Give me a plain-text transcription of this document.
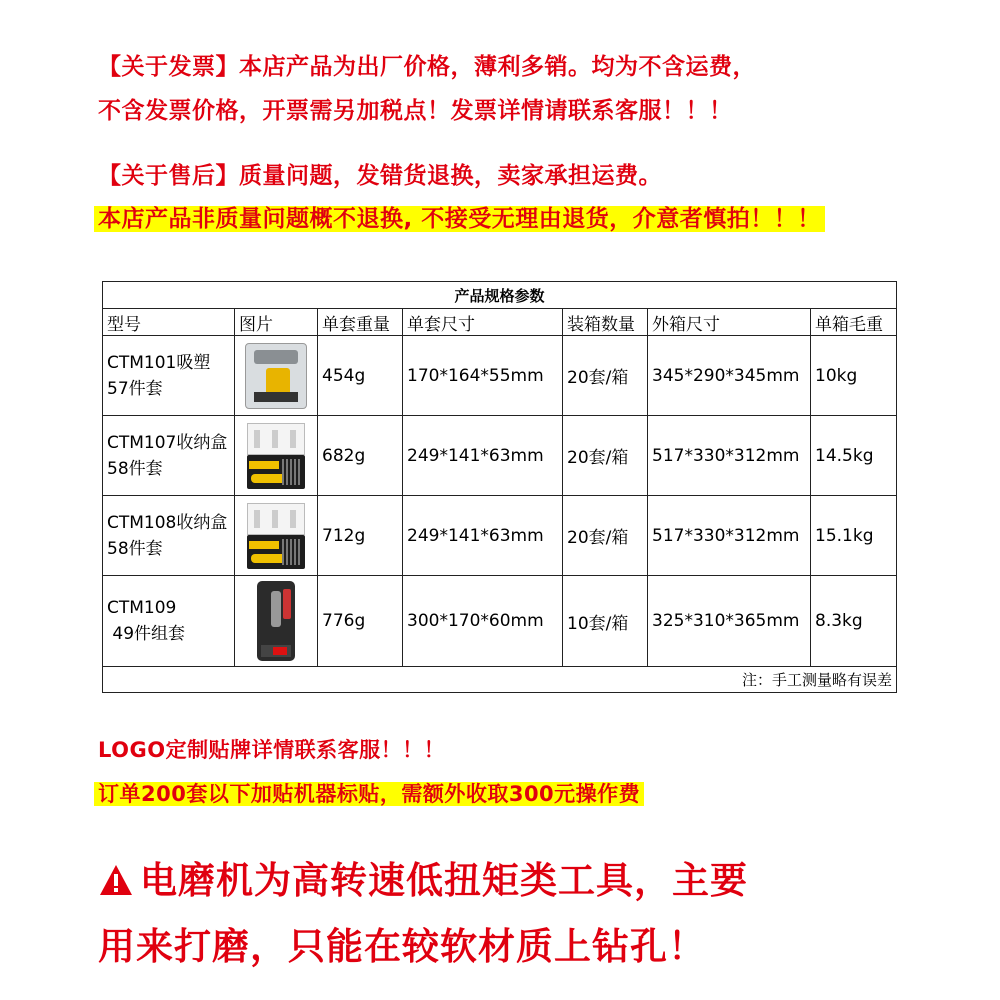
【关于发票】本店产品为出厂价格，薄利多销。均为不含运费，
不含发票价格，开票需另加税点！发票详情请联系客服！！！
【关于售后】质量问题，发错货退换，卖家承担运费。
本店产品非质量问题概不退换, 不接受无理由退货，介意者慎拍！！！
产品规格参数						
型号	图片	单套重量	单套尺寸	装箱数量	外箱尺寸	单箱毛重

CTM101吸塑
57件套		454g	170*164*55mm	20套/箱	345*290*345mm	10kg

CTM107收纳盒
58件套		682g	249*141*63mm	20套/箱	517*330*312mm	14.5kg

CTM108收纳盒
58件套		712g	249*141*63mm	20套/箱	517*330*312mm	15.1kg

CTM109
49件组套		776g	300*170*60mm	10套/箱	325*310*365mm	8.3kg
注：手工测量略有误差						
LOGO定制贴牌详情联系客服！！！
订单200套以下加贴机器标贴，需额外收取300元操作费
电磨机为高转速低扭矩类工具，主要
用来打磨，只能在较软材质上钻孔！
